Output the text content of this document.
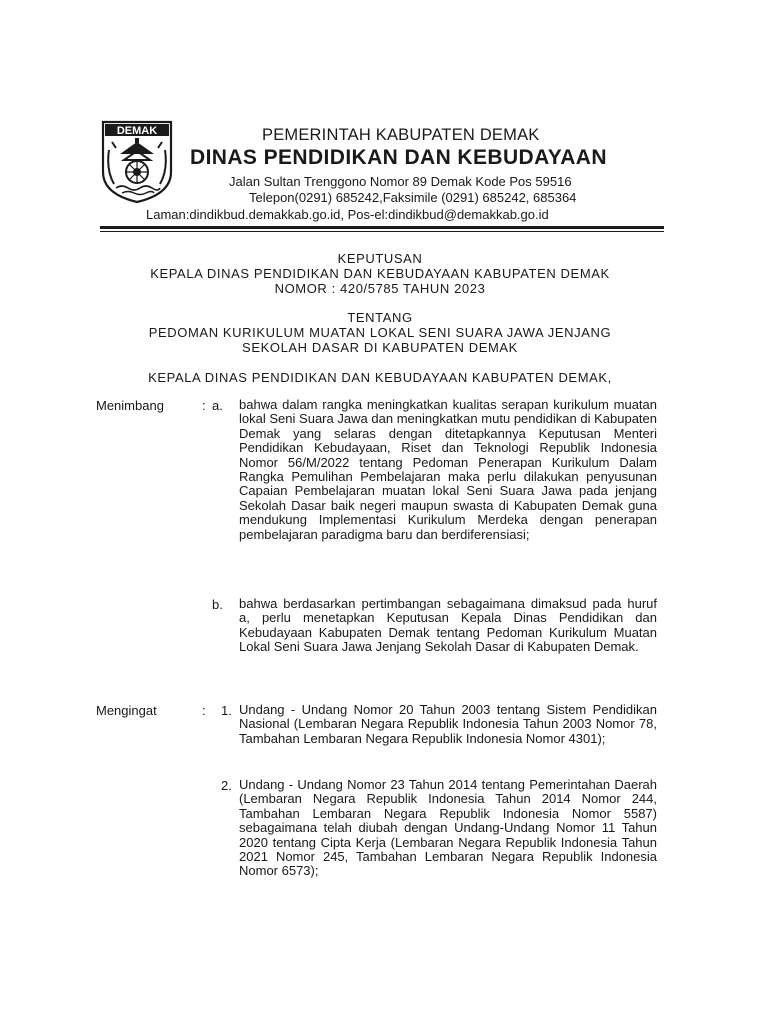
DEMAK	PEMERINTAH KABUPATEN DEMAK
DINAS PENDIDIKAN DAN KEBUDAYAAN
Jalan Sultan Trenggono Nomor 89 Demak Kode Pos 59516
Telepon(0291) 685242,Faksimile (0291) 685242, 685364
Laman:dindikbud.demakkab.go.id, Pos-el:dindikbud@demakkab.go.id
KEPUTUSAN
KEPALA DINAS PENDIDIKAN DAN KEBUDAYAAN KABUPATEN DEMAK
NOMOR : 420/5785 TAHUN 2023
TENTANG
PEDOMAN KURIKULUM MUATAN LOKAL SENI SUARA JAWA JENJANG
SEKOLAH DASAR DI KABUPATEN DEMAK
KEPALA DINAS PENDIDIKAN DAN KEBUDAYAAN KABUPATEN DEMAK,
Menimbang	: a. bahwa dalam rangka meningkatkan kualitas serapan kurikulum muatan lokal Seni Suara Jawa dan meningkatkan mutu pendidikan di Kabupaten Demak yang selaras dengan ditetapkannya Keputusan Menteri Pendidikan Kebudayaan, Riset dan Teknologi Republik Indonesia Nomor 56/M/2022 tentang Pedoman Penerapan Kurikulum Dalam Rangka Pemulihan Pembelajaran maka perlu dilakukan penyusunan Capaian Pembelajaran muatan lokal Seni Suara Jawa pada jenjang Sekolah Dasar baik negeri maupun swasta di Kabupaten Demak guna mendukung Implementasi Kurikulum Merdeka dengan penerapan pembelajaran paradigma baru dan berdiferensiasi;
b. bahwa berdasarkan pertimbangan sebagaimana dimaksud pada huruf a, perlu menetapkan Keputusan Kepala Dinas Pendidikan dan Kebudayaan Kabupaten Demak tentang Pedoman Kurikulum Muatan Lokal Seni Suara Jawa Jenjang Sekolah Dasar di Kabupaten Demak.
Mengingat	: 1. Undang - Undang Nomor 20 Tahun 2003 tentang Sistem Pendidikan Nasional (Lembaran Negara Republik Indonesia Tahun 2003 Nomor 78, Tambahan Lembaran Negara Republik Indonesia Nomor 4301);
2. Undang - Undang Nomor 23 Tahun 2014 tentang Pemerintahan Daerah (Lembaran Negara Republik Indonesia Tahun 2014 Nomor 244, Tambahan Lembaran Negara Republik Indonesia Nomor 5587) sebagaimana telah diubah dengan Undang-Undang Nomor 11 Tahun 2020 tentang Cipta Kerja (Lembaran Negara Republik Indonesia Tahun 2021 Nomor 245, Tambahan Lembaran Negara Republik Indonesia Nomor 6573);
